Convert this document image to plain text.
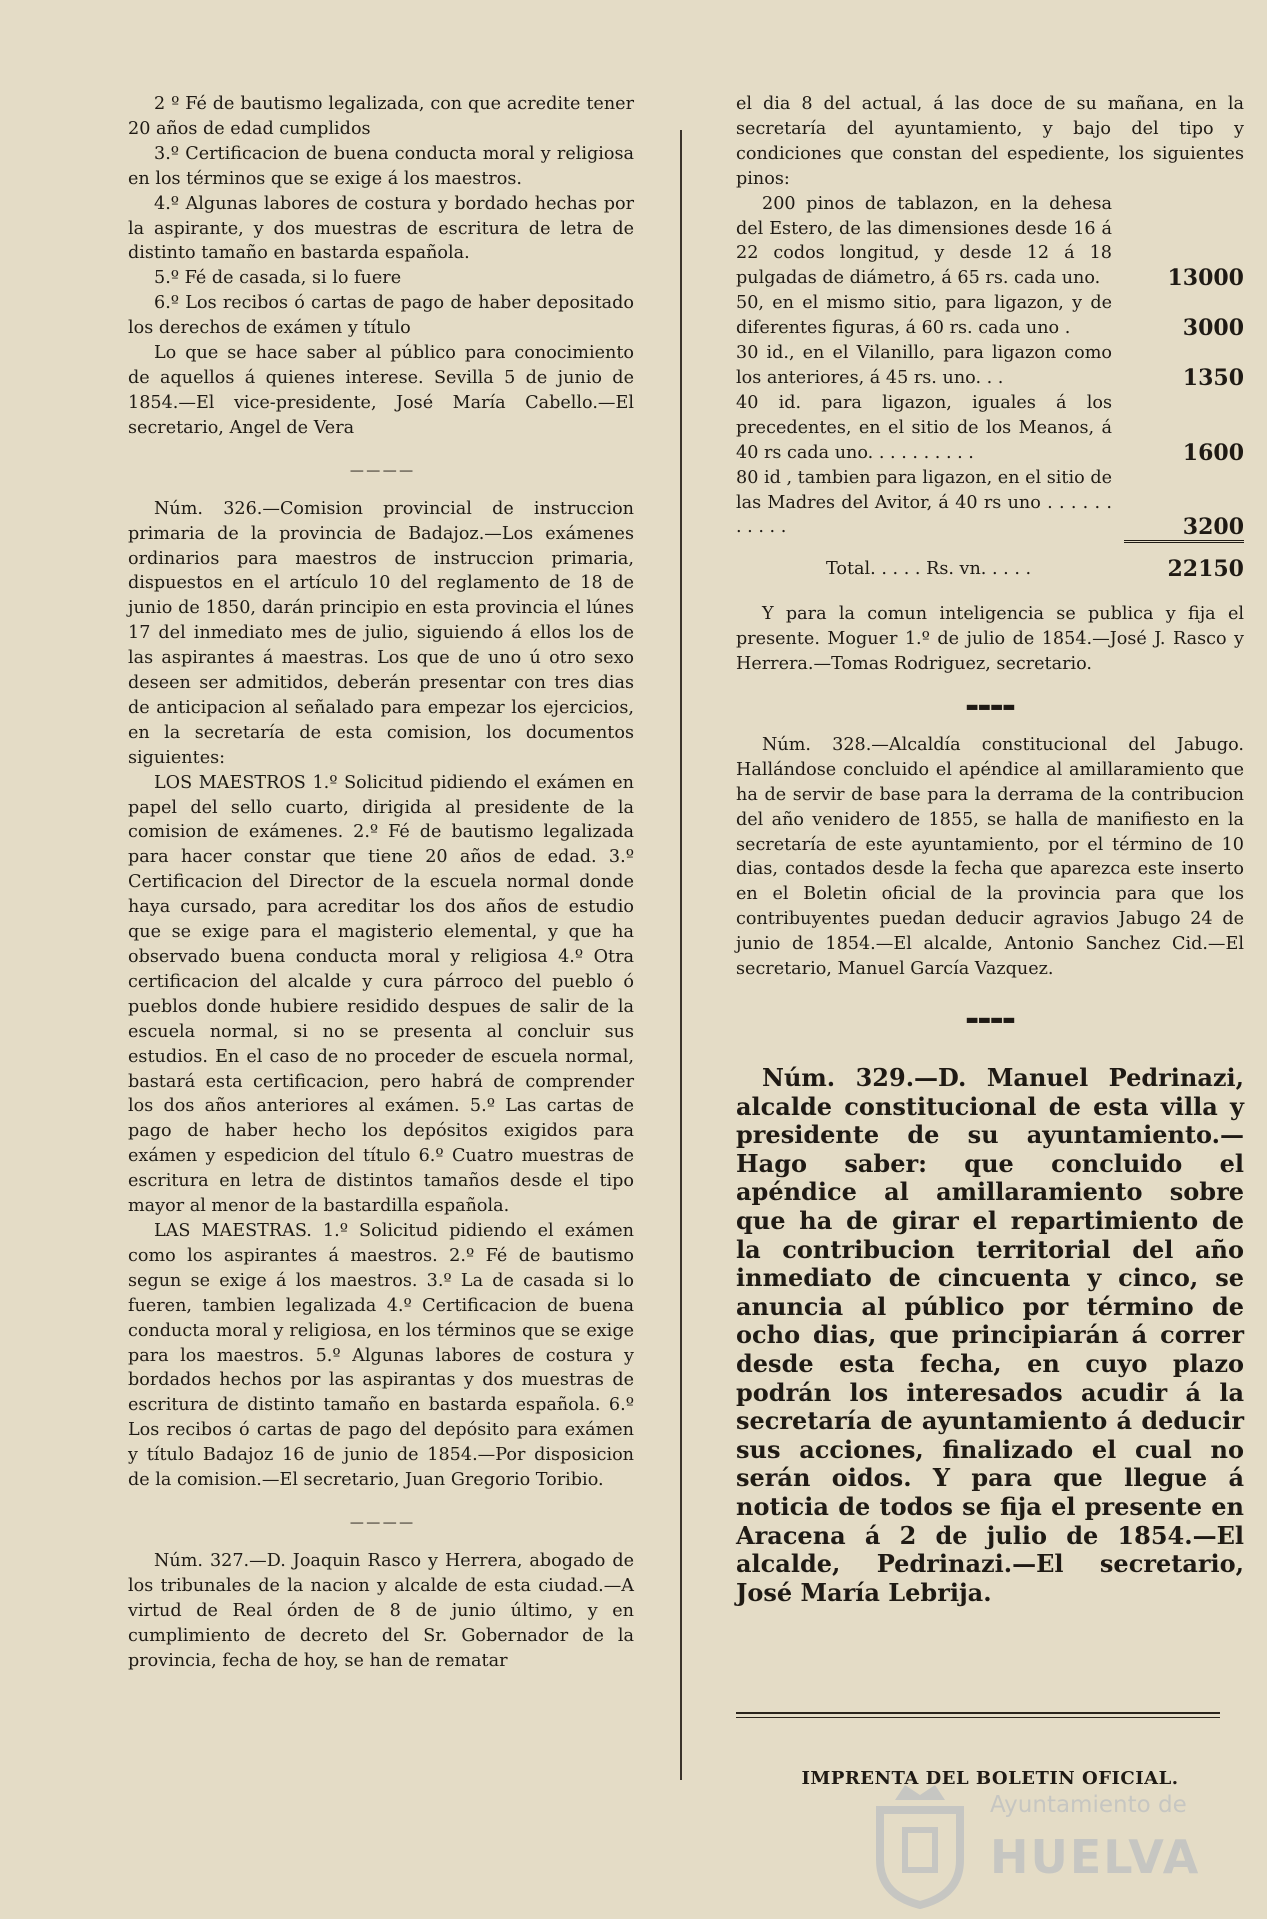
2 º Fé de bautismo legalizada, con que acredite tener 20 años de edad cumplidos

3.º Certificacion de buena conducta moral y religiosa en los términos que se exige á los maestros.

4.º Algunas labores de costura y bordado hechas por la aspirante, y dos muestras de escritura de letra de distinto tamaño en bastarda española.

5.º Fé de casada, si lo fuere

6.º Los recibos ó cartas de pago de haber depositado los derechos de exámen y título

Lo que se hace saber al público para conocimiento de aquellos á quienes interese. Sevilla 5 de junio de 1854.—El vice-presidente, José María Cabello.—El secretario, Angel de Vera

— — — —

Núm. 326.—Comision provincial de instruccion primaria de la provincia de Badajoz.—Los exámenes ordinarios para maestros de instruccion primaria, dispuestos en el artículo 10 del reglamento de 18 de junio de 1850, darán principio en esta provincia el lúnes 17 del inmediato mes de julio, siguiendo á ellos los de las aspirantes á maestras. Los que de uno ú otro sexo deseen ser admitidos, deberán presentar con tres dias de anticipacion al señalado para empezar los ejercicios, en la secretaría de esta comision, los documentos siguientes:

LOS MAESTROS 1.º Solicitud pidiendo el exámen en papel del sello cuarto, dirigida al presidente de la comision de exámenes. 2.º Fé de bautismo legalizada para hacer constar que tiene 20 años de edad. 3.º Certificacion del Director de la escuela normal donde haya cursado, para acreditar los dos años de estudio que se exige para el magisterio elemental, y que ha observado buena conducta moral y religiosa 4.º Otra certificacion del alcalde y cura párroco del pueblo ó pueblos donde hubiere residido despues de salir de la escuela normal, si no se presenta al concluir sus estudios. En el caso de no proceder de escuela normal, bastará esta certificacion, pero habrá de comprender los dos años anteriores al exámen. 5.º Las cartas de pago de haber hecho los depósitos exigidos para exámen y espedicion del título 6.º Cuatro muestras de escritura en letra de distintos tamaños desde el tipo mayor al menor de la bastardilla española.

LAS MAESTRAS. 1.º Solicitud pidiendo el exámen como los aspirantes á maestros. 2.º Fé de bautismo segun se exige á los maestros. 3.º La de casada si lo fueren, tambien legalizada 4.º Certificacion de buena conducta moral y religiosa, en los términos que se exige para los maestros. 5.º Algunas labores de costura y bordados hechos por las aspirantas y dos muestras de escritura de distinto tamaño en bastarda española. 6.º Los recibos ó cartas de pago del depósito para exámen y título Badajoz 16 de junio de 1854.—Por disposicion de la comision.—El secretario, Juan Gregorio Toribio.

— — — —

Núm. 327.—D. Joaquin Rasco y Herrera, abogado de los tribunales de la nacion y alcalde de esta ciudad.—A virtud de Real órden de 8 de junio último, y en cumplimiento de decreto del Sr. Gobernador de la provincia, fecha de hoy, se han de rematar

el dia 8 del actual, á las doce de su mañana, en la secretaría del ayuntamiento, y bajo del tipo y condiciones que constan del espediente, los siguientes pinos:

200 pinos de tablazon, en la dehesa del Estero, de las dimensiones desde 16 á 22 codos longitud, y desde 12 á 18 pulgadas de diámetro, á 65 rs. cada uno.	13000
50, en el mismo sitio, para ligazon, y de diferentes figuras, á 60 rs. cada uno .	3000
30 id., en el Vilanillo, para ligazon como los anteriores, á 45 rs. uno. . .	1350
40 id. para ligazon, iguales á los precedentes, en el sitio de los Meanos, á 40 rs cada uno. . . . . . . . . .	1600
80 id , tambien para ligazon, en el sitio de las Madres del Avitor, á 40 rs uno . . . . . . . . . . .	3200

Total. . . . . Rs. vn. . . . .	22150

Y para la comun inteligencia se publica y fija el presente. Moguer 1.º de julio de 1854.—José J. Rasco y Herrera.—Tomas Rodriguez, secretario.

▬▬▬▬

Núm. 328.—Alcaldía constitucional del Jabugo. Hallándose concluido el apéndice al amillaramiento que ha de servir de base para la derrama de la contribucion del año venidero de 1855, se halla de manifiesto en la secretaría de este ayuntamiento, por el término de 10 dias, contados desde la fecha que aparezca este inserto en el Boletin oficial de la provincia para que los contribuyentes puedan deducir agravios Jabugo 24 de junio de 1854.—El alcalde, Antonio Sanchez Cid.—El secretario, Manuel García Vazquez.

▬▬▬▬

Núm. 329.—D. Manuel Pedrinazi, alcalde constitucional de esta villa y presidente de su ayuntamiento.—Hago saber: que concluido el apéndice al amillaramiento sobre que ha de girar el repartimiento de la contribucion territorial del año inmediato de cincuenta y cinco, se anuncia al público por término de ocho dias, que principiarán á correr desde esta fecha, en cuyo plazo podrán los interesados acudir á la secretaría de ayuntamiento á deducir sus acciones, finalizado el cual no serán oidos. Y para que llegue á noticia de todos se fija el presente en Aracena á 2 de julio de 1854.—El alcalde, Pedrinazi.—El secretario, José María Lebrija.

IMPRENTA DEL BOLETIN OFICIAL.
Ayuntamiento de
HUELVA
